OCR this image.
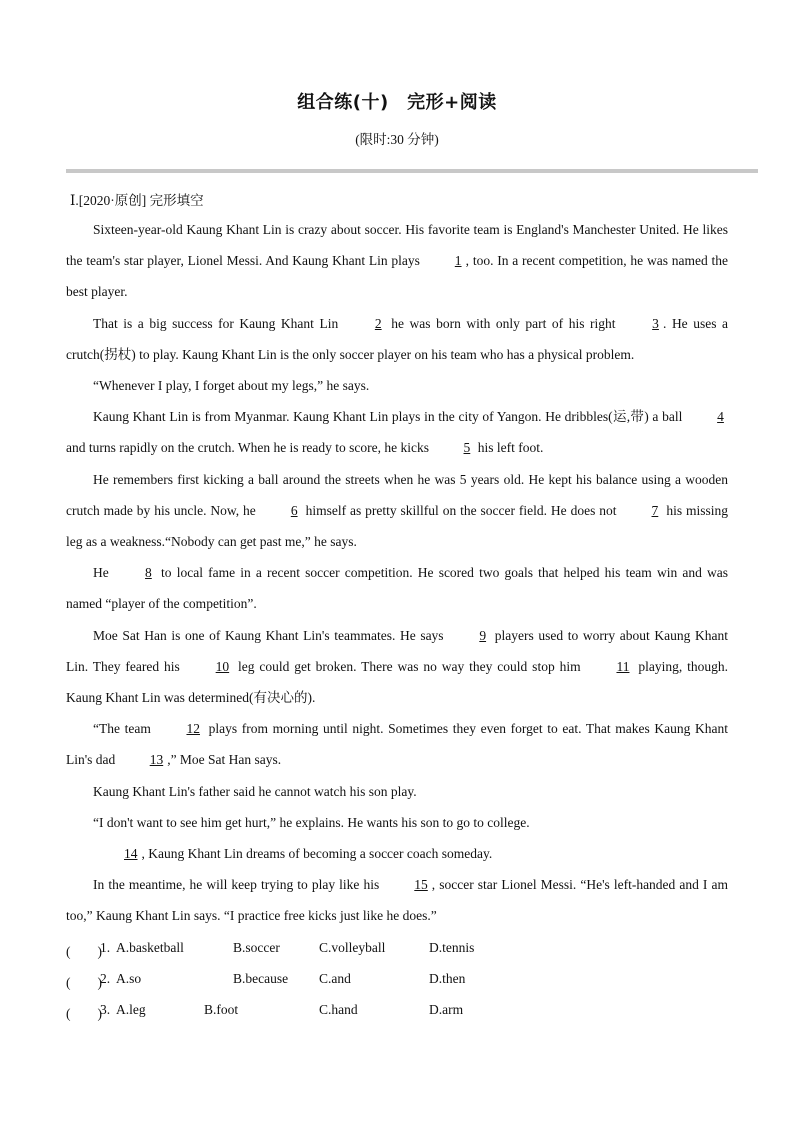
组合练(十)　完形+阅读
(限时:30 分钟)
Ⅰ.[2020·原创] 完形填空

Sixteen-year-old Kaung Khant Lin is crazy about soccer. His favorite team is England's Manchester United. He likes the team's star player, Lionel Messi. And Kaung Khant Lin plays 1 , too. In a recent competition, he was named the best player.

That is a big success for Kaung Khant Lin 2 he was born with only part of his right 3 . He uses a crutch(拐杖) to play. Kaung Khant Lin is the only soccer player on his team who has a physical problem.

“Whenever I play, I forget about my legs,” he says.

Kaung Khant Lin is from Myanmar. Kaung Khant Lin plays in the city of Yangon. He dribbles(运,带) a ball 4 and turns rapidly on the crutch. When he is ready to score, he kicks 5 his left foot.

He remembers first kicking a ball around the streets when he was 5 years old. He kept his balance using a wooden crutch made by his uncle. Now, he 6 himself as pretty skillful on the soccer field. He does not 7 his missing leg as a weakness.“Nobody can get past me,” he says.

He 8 to local fame in a recent soccer competition. He scored two goals that helped his team win and was named “player of the competition”.

Moe Sat Han is one of Kaung Khant Lin's teammates. He says 9 players used to worry about Kaung Khant Lin. They feared his 10 leg could get broken. There was no way they could stop him 11 playing, though. Kaung Khant Lin was determined(有决心的).

“The team 12 plays from morning until night. Sometimes they even forget to eat. That makes Kaung Khant Lin's dad 13 ,” Moe Sat Han says.

Kaung Khant Lin's father said he cannot watch his son play.

“I don't want to see him get hurt,” he explains. He wants his son to go to college.

14 , Kaung Khant Lin dreams of becoming a soccer coach someday.

In the meantime, he will keep trying to play like his 15 , soccer star Lionel Messi. “He's left-handed and I am too,” Kaung Khant Lin says. “I practice free kicks just like he does.”

(　　)
1. A.basketball	B.soccer	C.volleyball	D.tennis
(　　)
2. A.so	B.because C.and	D.then
(　　)
3. A.leg	B.foot	C.hand	D.arm
